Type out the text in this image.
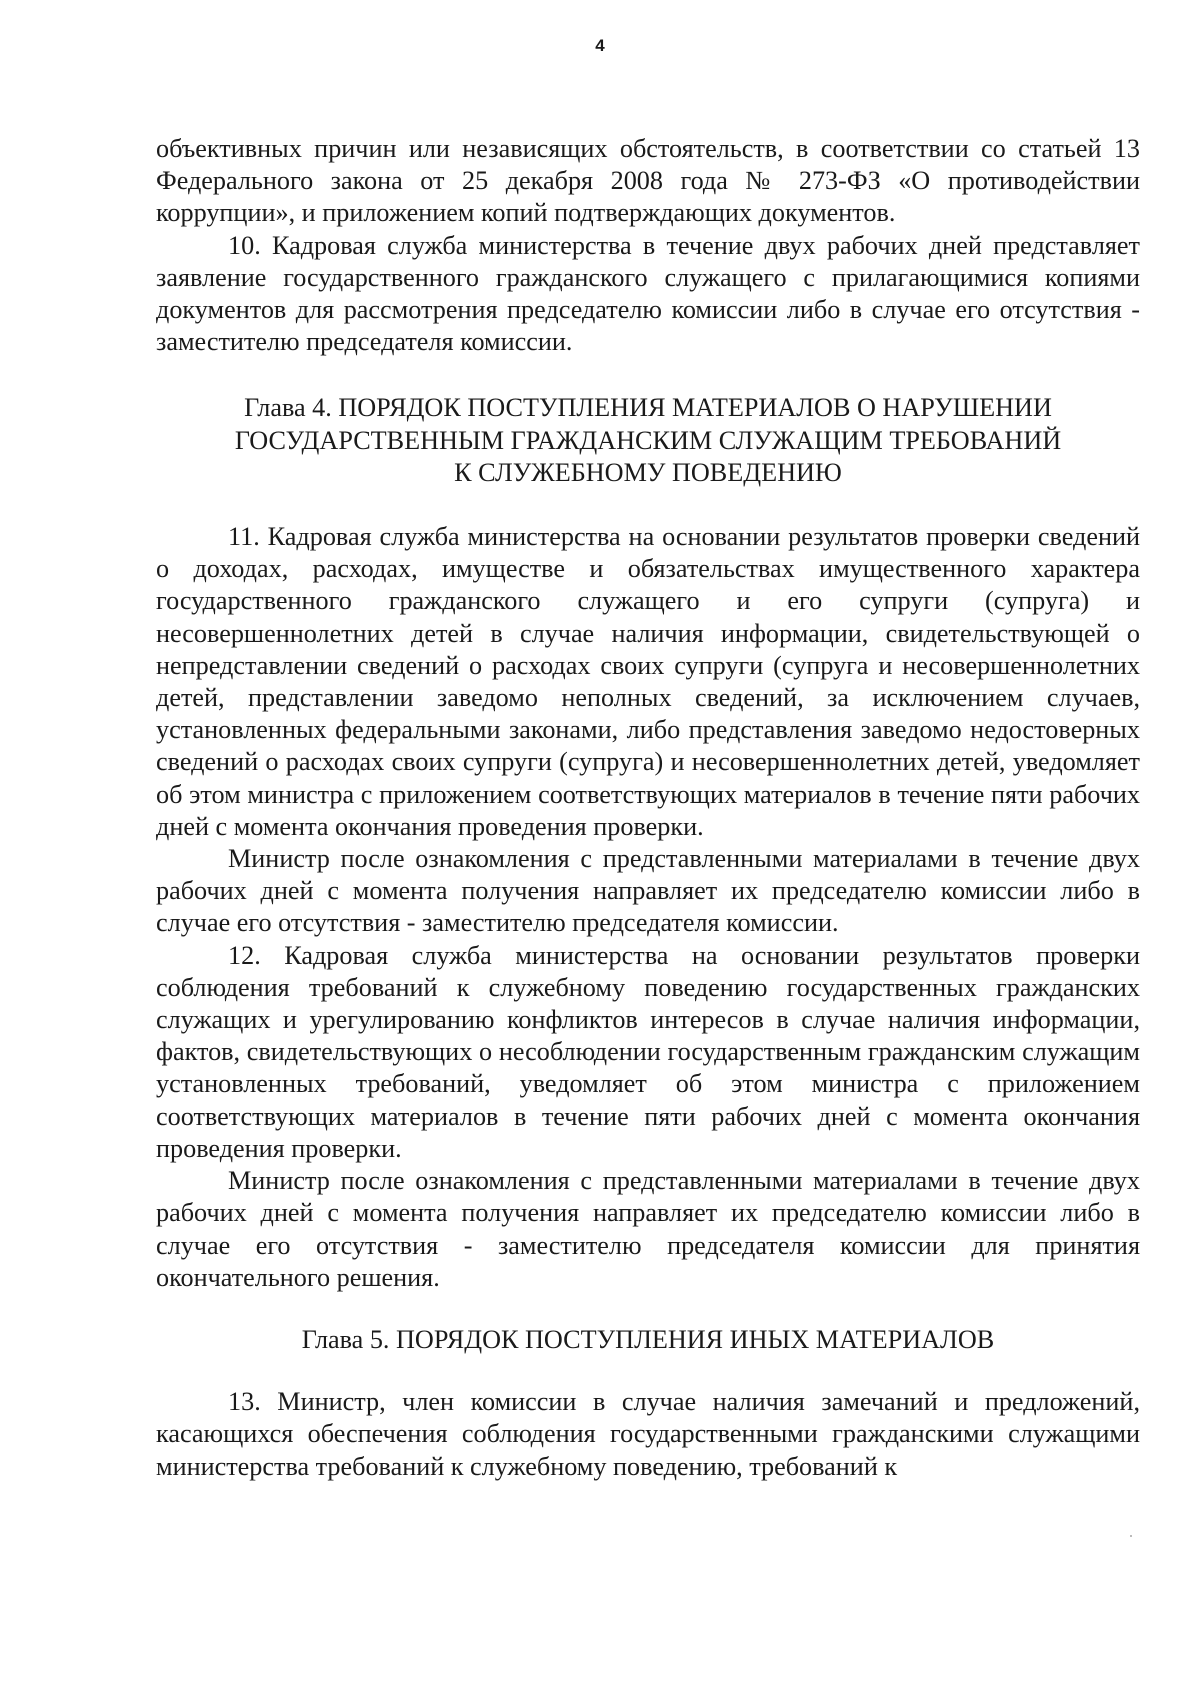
4

объективных причин или независящих обстоятельств, в соответствии со статьей 13 Федерального закона от 25 декабря 2008 года № 273-ФЗ «О противодействии коррупции», и приложением копий подтверждающих документов.

10. Кадровая служба министерства в течение двух рабочих дней представляет заявление государственного гражданского служащего с прилагающимися копиями документов для рассмотрения председателю комиссии либо в случае его отсутствия - заместителю председателя комиссии.

Глава 4. ПОРЯДОК ПОСТУПЛЕНИЯ МАТЕРИАЛОВ О НАРУШЕНИИ
ГОСУДАРСТВЕННЫМ ГРАЖДАНСКИМ СЛУЖАЩИМ ТРЕБОВАНИЙ
К СЛУЖЕБНОМУ ПОВЕДЕНИЮ

11. Кадровая служба министерства на основании результатов проверки сведений о доходах, расходах, имуществе и обязательствах имущественного характера государственного гражданского служащего и его супруги (супруга) и несовершеннолетних детей в случае наличия информации, свидетельствующей о непредставлении сведений о расходах своих супруги (супруга и несовершеннолетних детей, представлении заведомо неполных сведений, за исключением случаев, установленных федеральными законами, либо представления заведомо недостоверных сведений о расходах своих супруги (супруга) и несовершеннолетних детей, уведомляет об этом министра с приложением соответствующих материалов в течение пяти рабочих дней с момента окончания проведения проверки.

Министр после ознакомления с представленными материалами в течение двух рабочих дней с момента получения направляет их председателю комиссии либо в случае его отсутствия - заместителю председателя комиссии.

12. Кадровая служба министерства на основании результатов проверки соблюдения требований к служебному поведению государственных гражданских служащих и урегулированию конфликтов интересов в случае наличия информации, фактов, свидетельствующих о несоблюдении государственным гражданским служащим установленных требований, уведомляет об этом министра с приложением соответствующих материалов в течение пяти рабочих дней с момента окончания проведения проверки.

Министр после ознакомления с представленными материалами в течение двух рабочих дней с момента получения направляет их председателю комиссии либо в случае его отсутствия - заместителю председателя комиссии для принятия окончательного решения.

Глава 5. ПОРЯДОК ПОСТУПЛЕНИЯ ИНЫХ МАТЕРИАЛОВ

13. Министр, член комиссии в случае наличия замечаний и предложений, касающихся обеспечения соблюдения государственными гражданскими служащими министерства требований к служебному поведению, требований к
